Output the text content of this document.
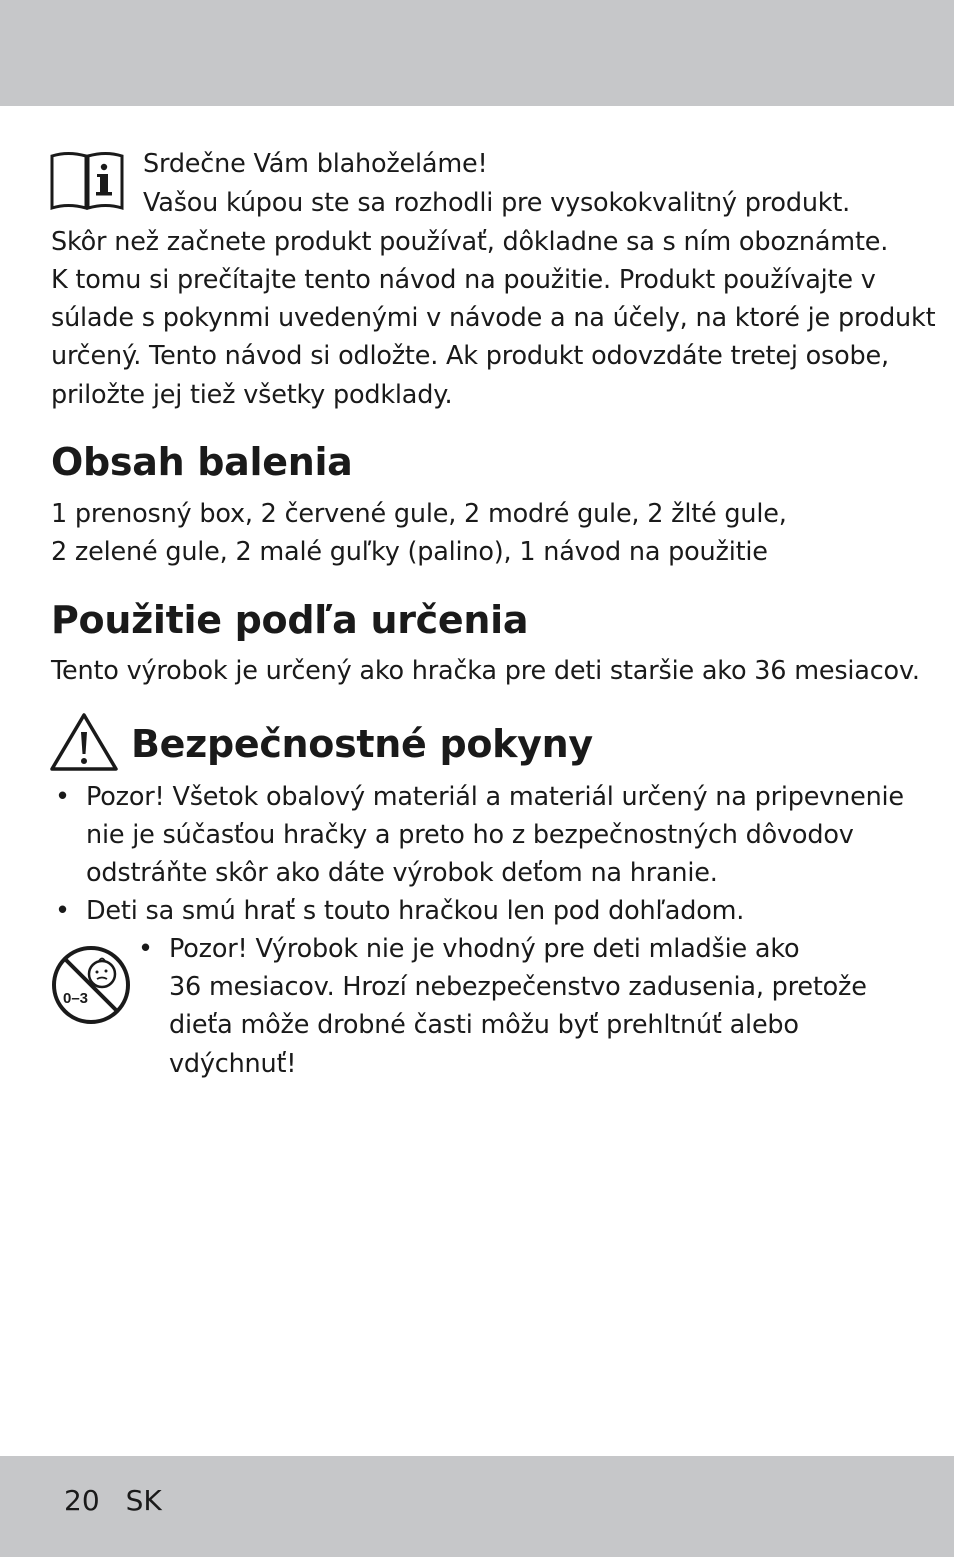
Srdečne Vám blahoželáme!
Vašou kúpou ste sa rozhodli pre vysokokvalitný produkt.
Skôr než začnete produkt používať, dôkladne sa s ním oboznámte.
K tomu si prečítajte tento návod na použitie. Produkt používajte v
súlade s pokynmi uvedenými v návode a na účely, na ktoré je produkt
určený. Tento návod si odložte. Ak produkt odovzdáte tretej osobe,
priložte jej tiež všetky podklady.
Obsah balenia
1 prenosný box, 2 červené gule, 2 modré gule, 2 žlté gule,
2 zelené gule, 2 malé guľky (palino), 1 návod na použitie
Použitie podľa určenia
Tento výrobok je určený ako hračka pre deti staršie ako 36 mesiacov.
Bezpečnostné pokyny
• Pozor! Všetok obalový materiál a materiál určený na pripevnenie
nie je súčasťou hračky a preto ho z bezpečnostných dôvodov
odstráňte skôr ako dáte výrobok deťom na hranie.
• Deti sa smú hrať s touto hračkou len pod dohľadom.
0–3
• Pozor! Výrobok nie je vhodný pre deti mladšie ako
36 mesiacov. Hrozí nebezpečenstvo zadusenia, pretože
dieťa môže drobné časti môžu byť prehltnúť alebo
vdýchnuť!
20 SK
